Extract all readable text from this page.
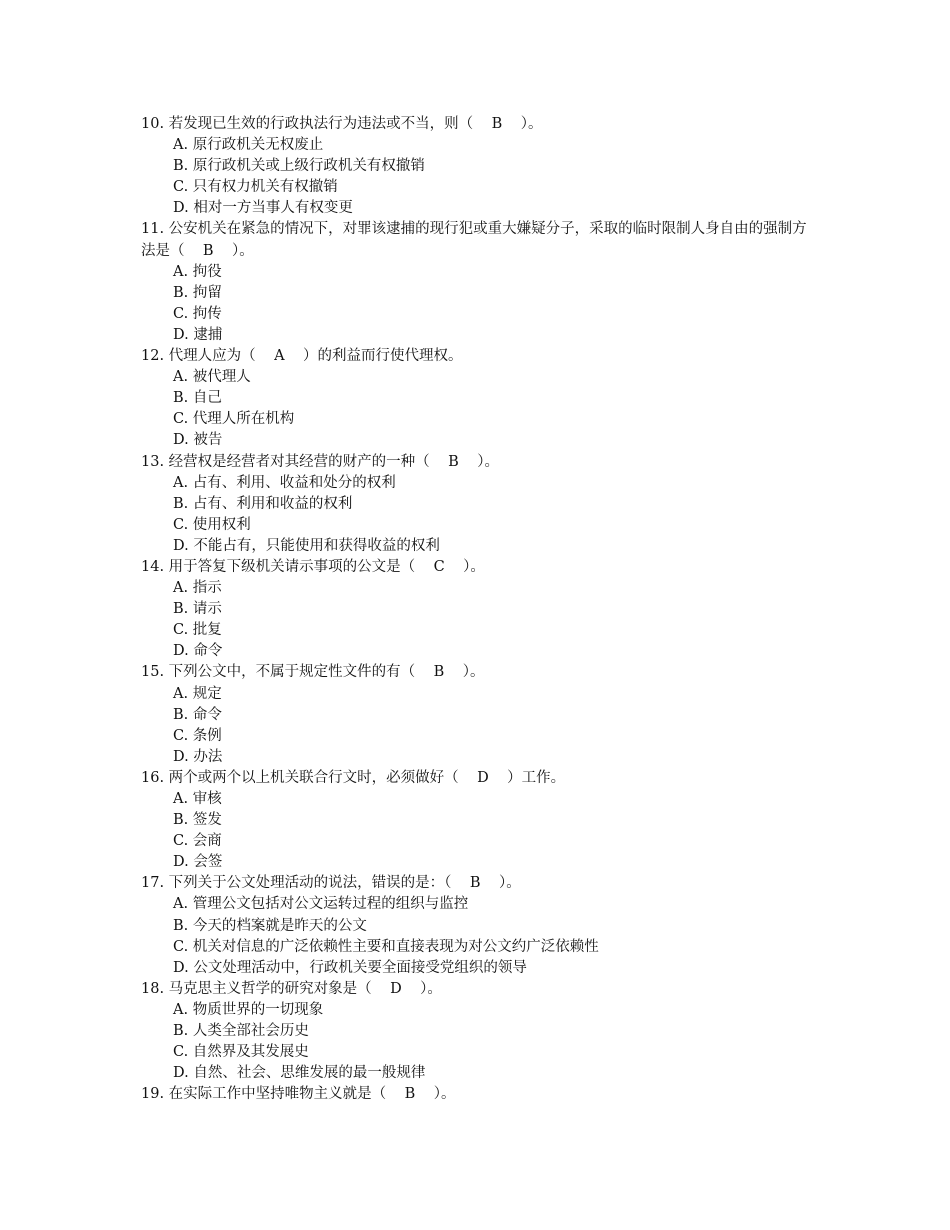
10. 若发现已生效的行政执法行为违法或不当，则（    B    ）。
A. 原行政机关无权废止
B. 原行政机关或上级行政机关有权撤销
C. 只有权力机关有权撤销
D. 相对一方当事人有权变更
11. 公安机关在紧急的情况下，对罪该逮捕的现行犯或重大嫌疑分子，采取的临时限制人身自由的强制方法是（    B    ）。
A. 拘役
B. 拘留
C. 拘传
D. 逮捕
12. 代理人应为（    A    ）的利益而行使代理权。
A. 被代理人
B. 自己
C. 代理人所在机构
D. 被告
13. 经营权是经营者对其经营的财产的一种（    B    ）。
A. 占有、利用、收益和处分的权利
B. 占有、利用和收益的权利
C. 使用权利
D. 不能占有，只能使用和获得收益的权利
14. 用于答复下级机关请示事项的公文是（    C    ）。
A. 指示
B. 请示
C. 批复
D. 命令
15. 下列公文中，不属于规定性文件的有（    B    ）。
A. 规定
B. 命令
C. 条例
D. 办法
16. 两个或两个以上机关联合行文时，必须做好（    D    ）工作。
A. 审核
B. 签发
C. 会商
D. 会签
17. 下列关于公文处理活动的说法，错误的是：（    B    ）。
A. 管理公文包括对公文运转过程的组织与监控
B. 今天的档案就是昨天的公文
C. 机关对信息的广泛依赖性主要和直接表现为对公文约广泛依赖性
D. 公文处理活动中，行政机关要全面接受党组织的领导
18. 马克思主义哲学的研究对象是（    D    ）。
A. 物质世界的一切现象
B. 人类全部社会历史
C. 自然界及其发展史
D. 自然、社会、思维发展的最一般规律
19. 在实际工作中坚持唯物主义就是（    B    ）。
